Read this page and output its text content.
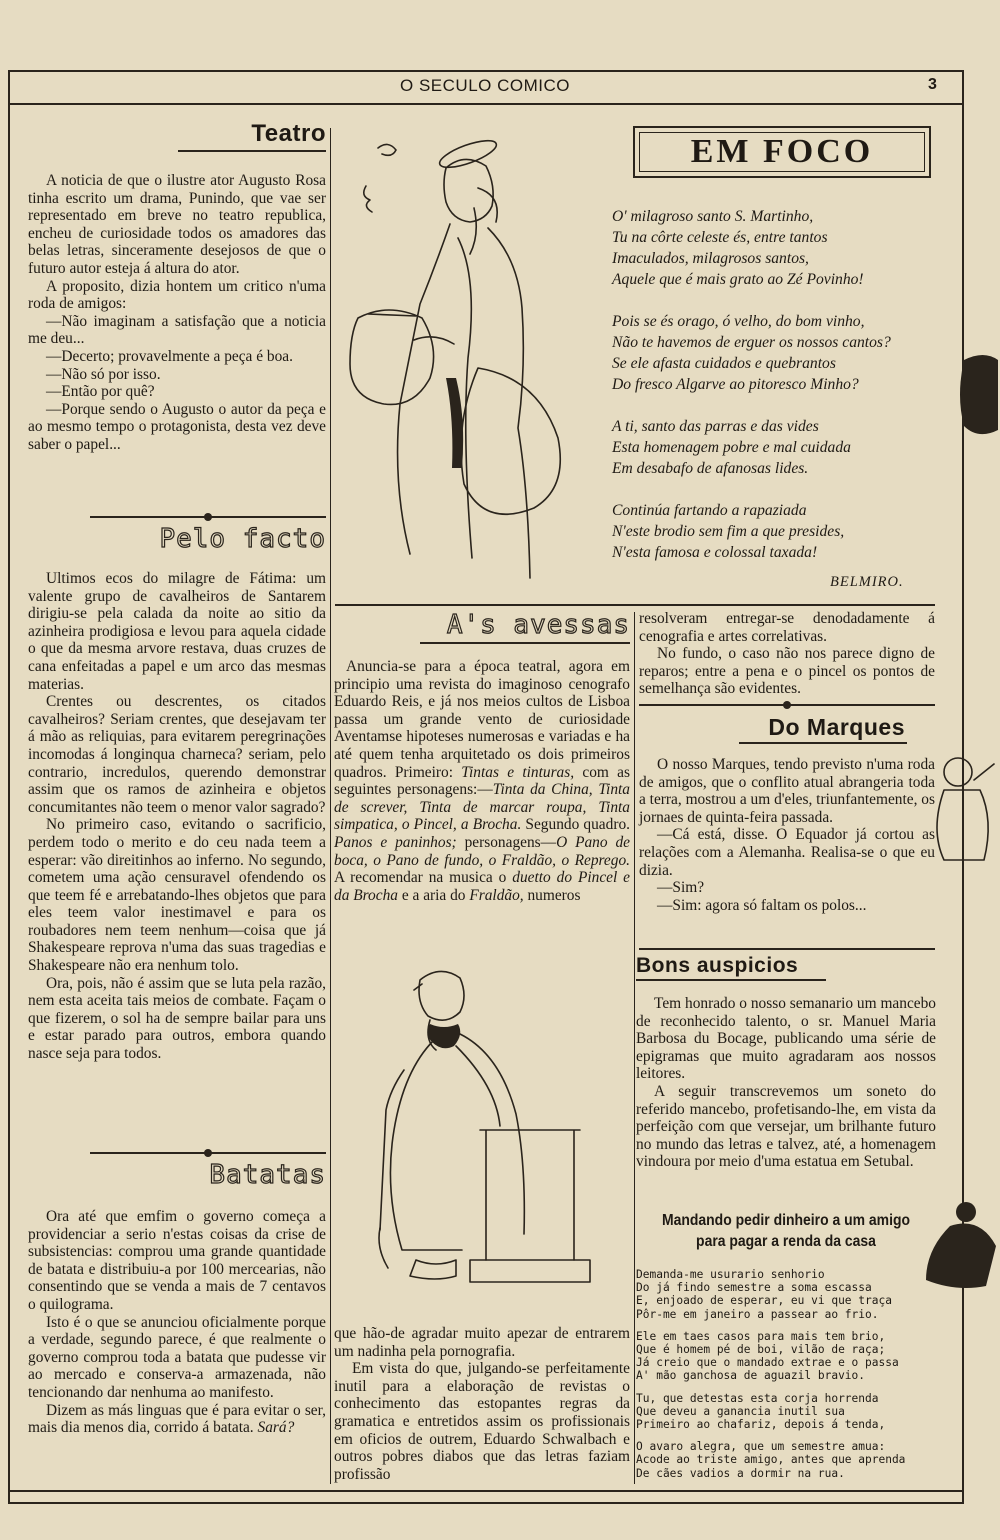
O SECULO COMICO	3
Teatro

A noticia de que o ilustre ator Augusto Rosa tinha escrito um drama, Punindo, que vae ser representado em breve no teatro republica, encheu de curiosidade todos os amadores das belas letras, sinceramente desejosos de que o futuro autor esteja á altura do ator.

A proposito, dizia hontem um critico n'uma roda de amigos:

—Não imaginam a satisfação que a noticia me deu...

—Decerto; provavelmente a peça é boa.

—Não só por isso.

—Então por quê?

—Porque sendo o Augusto o autor da peça e ao mesmo tempo o protagonista, desta vez deve saber o papel...

Pelo facto

Ultimos ecos do milagre de Fátima: um valente grupo de cavalheiros de Santarem dirigiu-se pela calada da noite ao sitio da azinheira prodigiosa e levou para aquela cidade o que da mesma arvore restava, duas cruzes de cana enfeitadas a papel e um arco das mesmas materias.

Crentes ou descrentes, os citados cavalheiros? Seriam crentes, que desejavam ter á mão as reliquias, para evitarem peregrinações incomodas á longinqua charneca? seriam, pelo contrario, incredulos, querendo demonstrar assim que os ramos de azinheira e objetos concumitantes não teem o menor valor sagrado?

No primeiro caso, evitando o sacrificio, perdem todo o merito e do ceu nada teem a esperar: vão direitinhos ao inferno. No segundo, cometem uma ação censuravel ofendendo os que teem fé e arrebatando-lhes objetos que para eles teem valor inestimavel e para os roubadores nem teem nenhum—coisa que já Shakespeare reprova n'uma das suas tragedias e Shakespeare não era nenhum tolo.

Ora, pois, não é assim que se luta pela razão, nem esta aceita tais meios de combate. Façam o que fizerem, o sol ha de sempre bailar para uns e estar parado para outros, embora quando nasce seja para todos.

Batatas

Ora até que emfim o governo começa a providenciar a serio n'estas coisas da crise de subsistencias: comprou uma grande quantidade de batata e distribuiu-a por 100 mercearias, não consentindo que se venda a mais de 7 centavos o quilograma.

Isto é o que se anunciou oficialmente porque a verdade, segundo parece, é que realmente o governo comprou toda a batata que pudesse vir ao mercado e conserva-a armazenada, não tencionando dar nenhuma ao manifesto.

Dizem as más linguas que é para evitar o ser, mais dia menos dia, corrido á batata. Sará?

EM FOCO
O' milagroso santo S. Martinho,
Tu na côrte celeste és, entre tantos
Imaculados, milagrosos santos,
Aquele que é mais grato ao Zé Povinho!
Pois se és orago, ó velho, do bom vinho,
Não te havemos de erguer os nossos cantos?
Se ele afasta cuidados e quebrantos
Do fresco Algarve ao pitoresco Minho?
A ti, santo das parras e das vides
Esta homenagem pobre e mal cuidada
Em desabafo de afanosas lides.
Continúa fartando a rapaziada
N'este brodio sem fim a que presides,
N'esta famosa e colossal taxada!
BELMIRO.
A's avessas

Anuncia-se para a época teatral, agora em principio uma revista do imaginoso cenografo Eduardo Reis, e já nos meios cultos de Lisboa passa um grande vento de curiosidade Aventamse hipoteses numerosas e variadas e ha até quem tenha arquitetado os dois primeiros quadros. Primeiro: Tintas e tinturas, com as seguintes personagens:—Tinta da China, Tinta de screver, Tinta de marcar roupa, Tinta simpatica, o Pincel, a Brocha. Segundo quadro. Panos e paninhos; personagens—O Pano de boca, o Pano de fundo, o Fraldão, o Reprego. A recomendar na musica o duetto do Pincel e da Brocha e a aria do Fraldão, numeros

que hão-de agradar muito apezar de entrarem um nadinha pela pornografia.

Em vista do que, julgando-se perfeitamente inutil para a elaboração de revistas o conhecimento das estopantes regras da gramatica e entretidos assim os profissionais em oficios de outrem, Eduardo Schwalbach e outros pobres diabos que das letras faziam profissão

resolveram entregar-se denodadamente á cenografia e artes correlativas.

No fundo, o caso não nos parece digno de reparos; entre a pena e o pincel os pontos de semelhança são evidentes.

Do Marques

O nosso Marques, tendo previsto n'uma roda de amigos, que o conflito atual abrangeria toda a terra, mostrou a um d'eles, triunfantemente, os jornaes de quinta-feira passada.

—Cá está, disse. O Equador já cortou as relações com a Alemanha. Realisa-se o que eu dizia.

—Sim?

—Sim: agora só faltam os polos...

Bons auspicios

Tem honrado o nosso semanario um mancebo de reconhecido talento, o sr. Manuel Maria Barbosa du Bocage, publicando uma série de epigramas que muito agradaram aos nossos leitores.

A seguir transcrevemos um soneto do referido mancebo, profetisando-lhe, em vista da perfeição com que versejar, um brilhante futuro no mundo das letras e talvez, até, a homenagem vindoura por meio d'uma estatua em Setubal.

Mandando pedir dinheiro a um amigo
para pagar a renda da casa
Demanda-me usurario senhorio
Do já findo semestre a soma escassa
E, enjoado de esperar, eu vi que traça
Pôr-me em janeiro a passear ao frio.
Ele em taes casos para mais tem brio,
Que é homem pé de boi, vilão de raça;
Já creio que o mandado extrae e o passa
A' mão ganchosa de aguazil bravio.
Tu, que detestas esta corja horrenda
Que deveu a ganancia inutil sua
Primeiro ao chafariz, depois á tenda,
O avaro alegra, que um semestre amua:
Acode ao triste amigo, antes que aprenda
De cães vadios a dormir na rua.
